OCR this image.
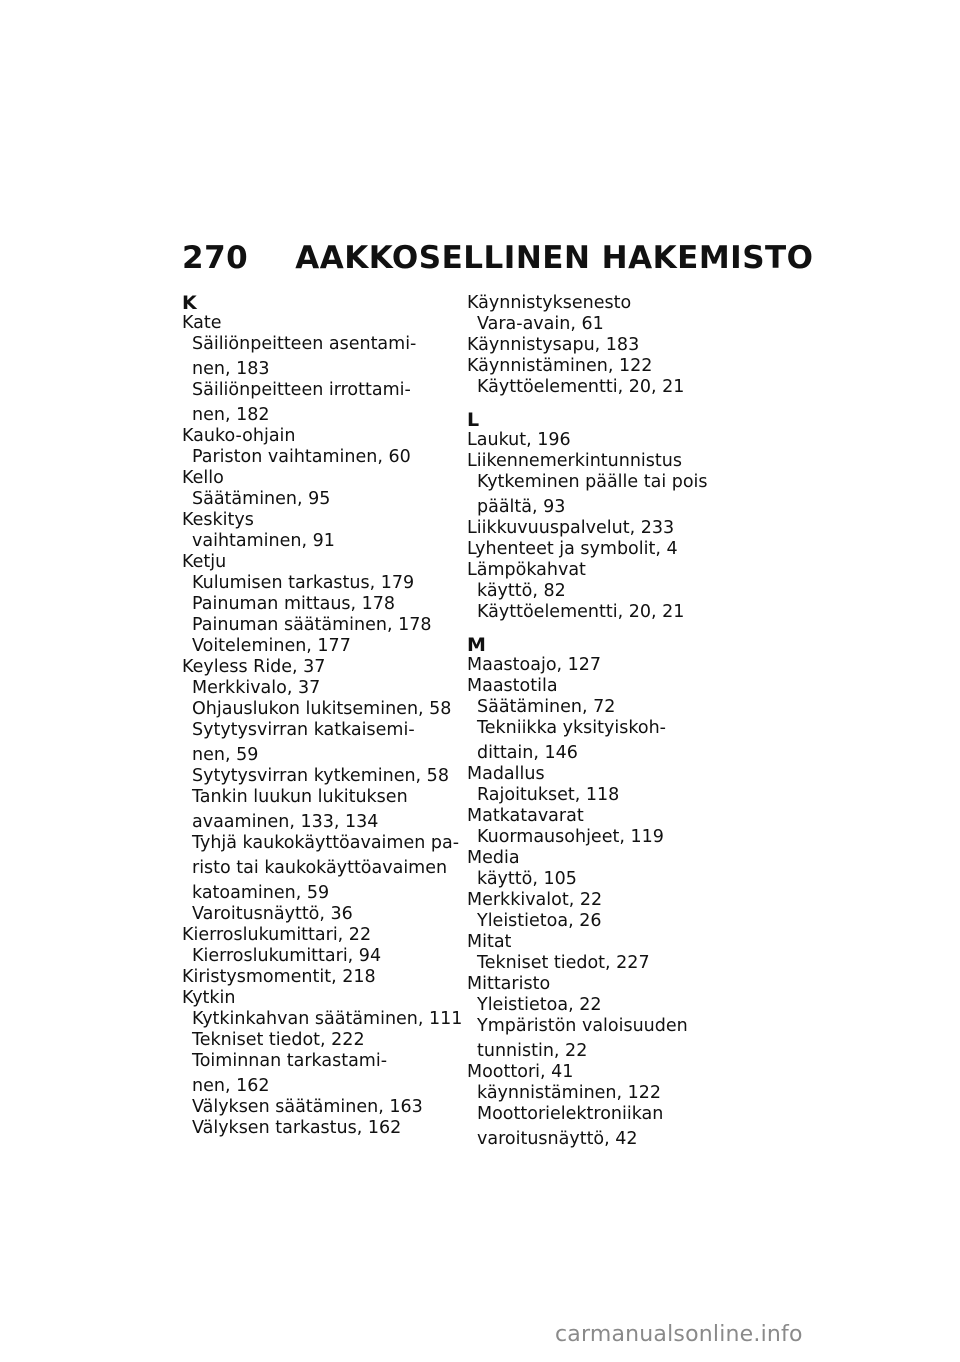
270 AAKKOSELLINEN HAKEMISTO
K
Kate
Säiliönpeitteen asentami-
nen, 183
Säiliönpeitteen irrottami-
nen, 182
Kauko-ohjain
Pariston vaihtaminen, 60
Kello
Säätäminen, 95
Keskitys
vaihtaminen, 91
Ketju
Kulumisen tarkastus, 179
Painuman mittaus, 178
Painuman säätäminen, 178
Voiteleminen, 177
Keyless Ride, 37
Merkkivalo, 37
Ohjauslukon lukitseminen, 58
Sytytysvirran katkaisemi-
nen, 59
Sytytysvirran kytkeminen, 58
Tankin luukun lukituksen
avaaminen, 133, 134
Tyhjä kaukokäyttöavaimen pa-
risto tai kaukokäyttöavaimen
katoaminen, 59
Varoitusnäyttö, 36
Kierroslukumittari, 22
Kierroslukumittari, 94
Kiristysmomentit, 218
Kytkin
Kytkinkahvan säätäminen, 111
Tekniset tiedot, 222
Toiminnan tarkastami-
nen, 162
Välyksen säätäminen, 163
Välyksen tarkastus, 162
Käynnistyksenesto
Vara-avain, 61
Käynnistysapu, 183
Käynnistäminen, 122
Käyttöelementti, 20, 21
L
Laukut, 196
Liikennemerkintunnistus
Kytkeminen päälle tai pois
päältä, 93
Liikkuvuuspalvelut, 233
Lyhenteet ja symbolit, 4
Lämpökahvat
käyttö, 82
Käyttöelementti, 20, 21
M
Maastoajo, 127
Maastotila
Säätäminen, 72
Tekniikka yksityiskoh-
dittain, 146
Madallus
Rajoitukset, 118
Matkatavarat
Kuormausohjeet, 119
Media
käyttö, 105
Merkkivalot, 22
Yleistietoa, 26
Mitat
Tekniset tiedot, 227
Mittaristo
Yleistietoa, 22
Ympäristön valoisuuden
tunnistin, 22
Moottori, 41
käynnistäminen, 122
Moottorielektroniikan
varoitusnäyttö, 42
carmanualsonline.info
